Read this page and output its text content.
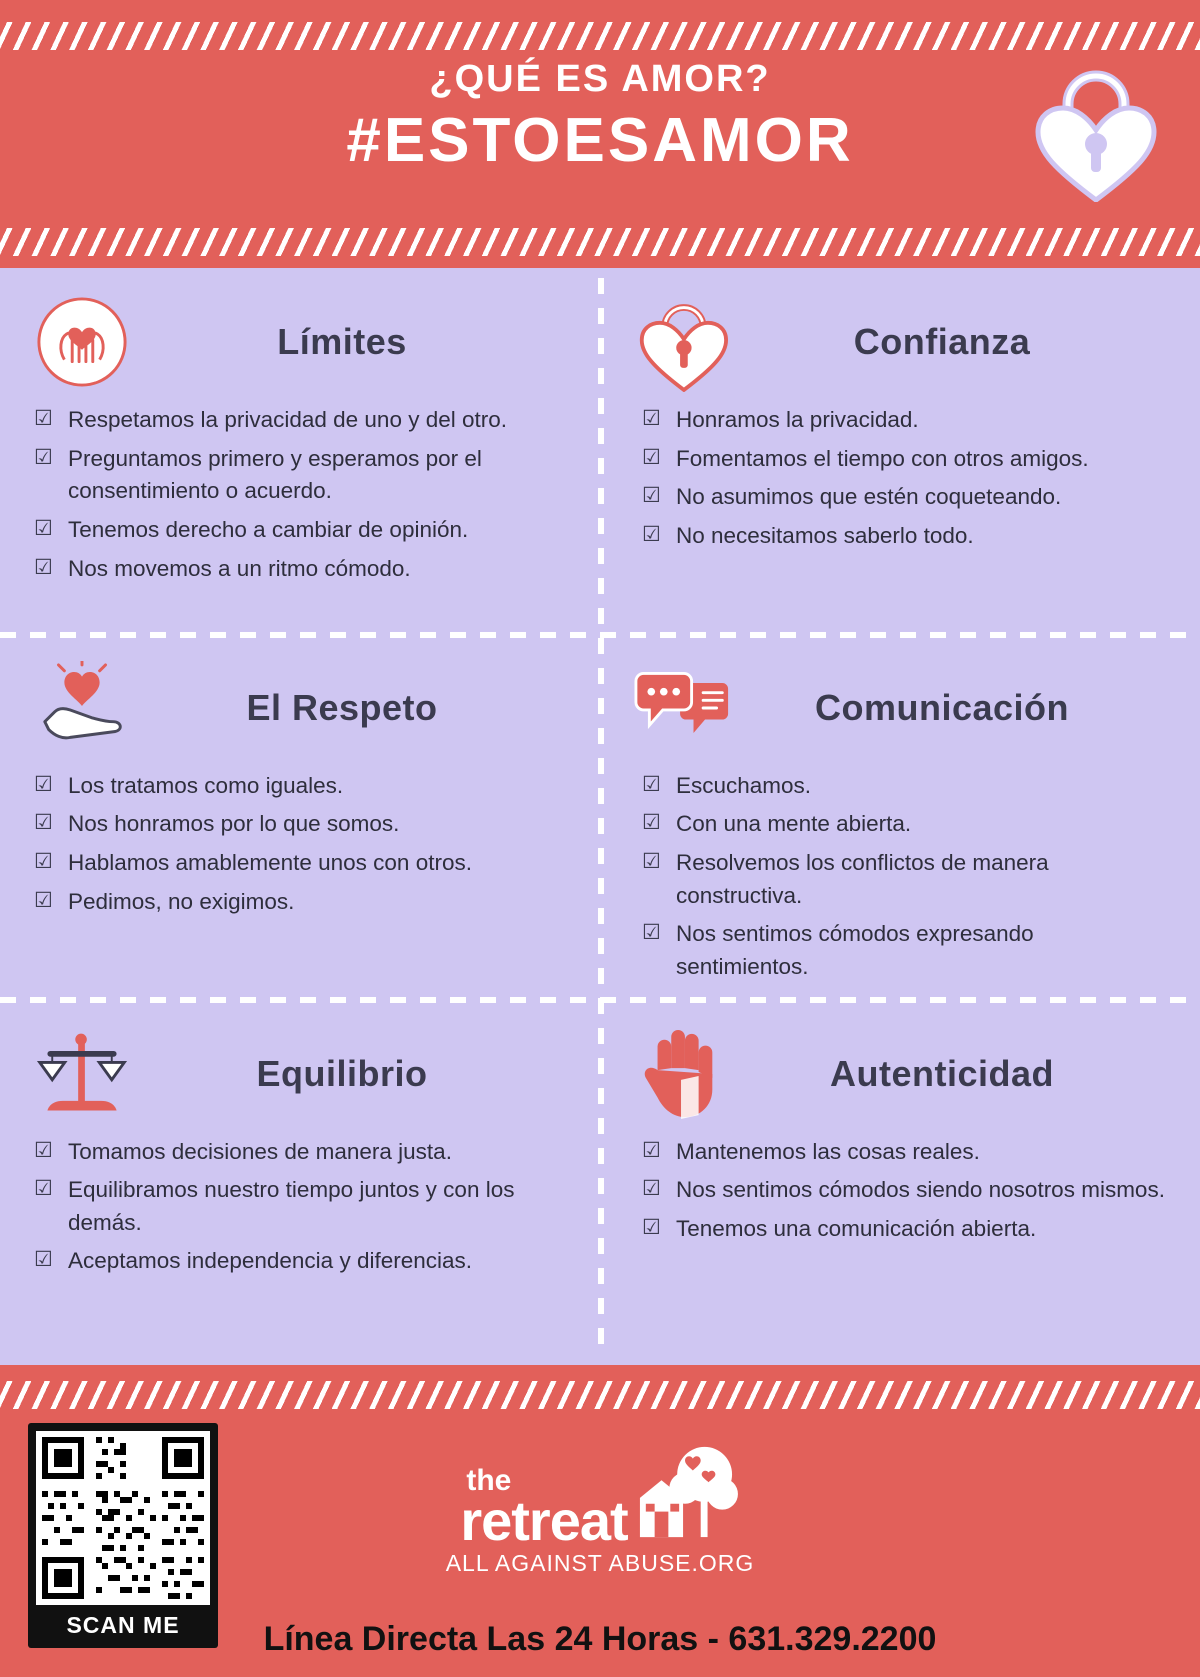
¿QUÉ ES AMOR?
#ESTOESAMOR
Límites
☑ Respetamos la privacidad de uno y del otro.
☑ Preguntamos primero y esperamos por el consentimiento o acuerdo.
☑ Tenemos derecho a cambiar de opinión.
☑ Nos movemos a un ritmo cómodo.
Confianza
☑ Honramos la privacidad.
☑ Fomentamos el tiempo con otros amigos.
☑ No asumimos que estén coqueteando.
☑ No necesitamos saberlo todo.
El Respeto
☑ Los tratamos como iguales.
☑ Nos honramos por lo que somos.
☑ Hablamos amablemente unos con otros.
☑ Pedimos, no exigimos.
Comunicación
☑ Escuchamos.
☑ Con una mente abierta.
☑ Resolvemos los conflictos de manera constructiva.
☑ Nos sentimos cómodos expresando sentimientos.
Equilibrio
☑ Tomamos decisiones de manera justa.
☑ Equilibramos nuestro tiempo juntos y con los demás.
☑ Aceptamos independencia y diferencias.
Autenticidad
☑ Mantenemos las cosas reales.
☑ Nos sentimos cómodos siendo nosotros mismos.
☑ Tenemos una comunicación abierta.
SCAN ME
the
retreat
ALL AGAINST ABUSE.ORG
Línea Directa Las 24 Horas - 631.329.2200
